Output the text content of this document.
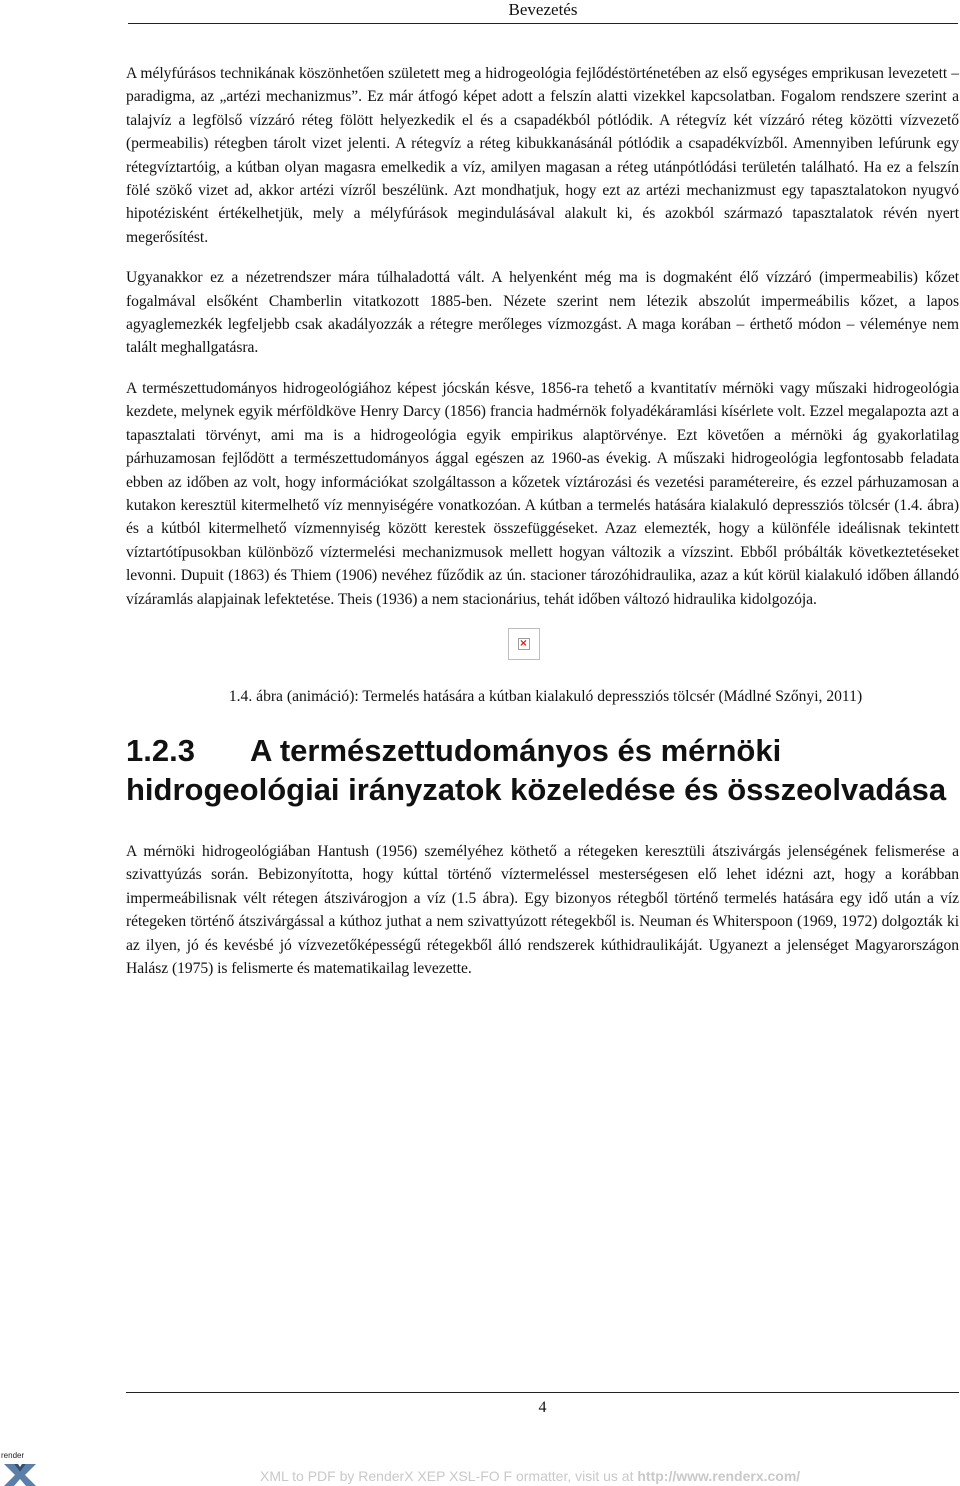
Bevezetés

A mélyfúrásos technikának köszönhetően született meg a hidrogeológia fejlődéstörténetében az első egységes emprikusan levezetett – paradigma, az „artézi mechanizmus”. Ez már átfogó képet adott a felszín alatti vizekkel kapcsolatban. Fogalom rendszere szerint a talajvíz a legfölső vízzáró réteg fölött helyezkedik el és a csapadékból pótlódik. A rétegvíz két vízzáró réteg közötti vízvezető (permeabilis) rétegben tárolt vizet jelenti. A rétegvíz a réteg kibukkanásánál pótlódik a csapadékvízből. Amennyiben lefúrunk egy rétegvíztartóig, a kútban olyan magasra emelkedik a víz, amilyen magasan a réteg utánpótlódási területén található. Ha ez a felszín fölé szökő vizet ad, akkor artézi vízről beszélünk. Azt mondhatjuk, hogy ezt az artézi mechanizmust egy tapasztalatokon nyugvó hipotézisként értékelhetjük, mely a mélyfúrások megindulásával alakult ki, és azokból származó tapasztalatok révén nyert megerősítést.

Ugyanakkor ez a nézetrendszer mára túlhaladottá vált. A helyenként még ma is dogmaként élő vízzáró (impermeabilis) kőzet fogalmával elsőként Chamberlin vitatkozott 1885-ben. Nézete szerint nem létezik abszolút impermeábilis kőzet, a lapos agyaglemezkék legfeljebb csak akadályozzák a rétegre merőleges vízmozgást. A maga korában – érthető módon – véleménye nem talált meghallgatásra.

A természettudományos hidrogeológiához képest jócskán késve, 1856-ra tehető a kvantitatív mérnöki vagy műszaki hidrogeológia kezdete, melynek egyik mérföldköve Henry Darcy (1856) francia hadmérnök folyadékáramlási kísérlete volt. Ezzel megalapozta azt a tapasztalati törvényt, ami ma is a hidrogeológia egyik empirikus alaptörvénye. Ezt követően a mérnöki ág gyakorlatilag párhuzamosan fejlődött a természettudományos ággal egészen az 1960-as évekig. A műszaki hidrogeológia legfontosabb feladata ebben az időben az volt, hogy információkat szolgáltasson a kőzetek víztározási és vezetési paramétereire, és ezzel párhuzamosan a kutakon keresztül kitermelhető víz mennyiségére vonatkozóan. A kútban a termelés hatására kialakuló depressziós tölcsér (1.4. ábra) és a kútból kitermelhető vízmennyiség között kerestek összefüggéseket. Azaz elemezték, hogy a különféle ideálisnak tekintett víztartótípusokban különböző víztermelési mechanizmusok mellett hogyan változik a vízszint. Ebből próbálták következtetéseket levonni. Dupuit (1863) és Thiem (1906) nevéhez fűződik az ún. stacioner tározóhidraulika, azaz a kút körül kialakuló időben állandó vízáramlás alapjainak lefektetése. Theis (1936) a nem stacionárius, tehát időben változó hidraulika kidolgozója.

×

1.4. ábra (animáció): Termelés hatására a kútban kialakuló depressziós tölcsér (Mádlné Szőnyi, 2011)

1.2.3	A természettudományos és mérnöki
hidrogeológiai irányzatok közeledése és összeolvadása

A mérnöki hidrogeológiában Hantush (1956) személyéhez köthető a rétegeken keresztüli átszivárgás jelenségének felismerése a szivattyúzás során. Bebizonyította, hogy kúttal történő víztermeléssel mesterségesen elő lehet idézni azt, hogy a korábban impermeábilisnak vélt rétegen átszivárogjon a víz (1.5 ábra). Egy bizonyos rétegből történő termelés hatására egy idő után a víz rétegeken történő átszivárgással a kúthoz juthat a nem szivattyúzott rétegekből is. Neuman és Whiterspoon (1969, 1972) dolgozták ki az ilyen, jó és kevésbé jó vízvezetőképességű rétegekből álló rendszerek kúthidraulikáját. Ugyanezt a jelenséget Magyarországon Halász (1975) is felismerte és matematikailag levezette.

4
render
XML to PDF by RenderX XEP XSL-FO F ormatter, visit us at http://www.renderx.com/
